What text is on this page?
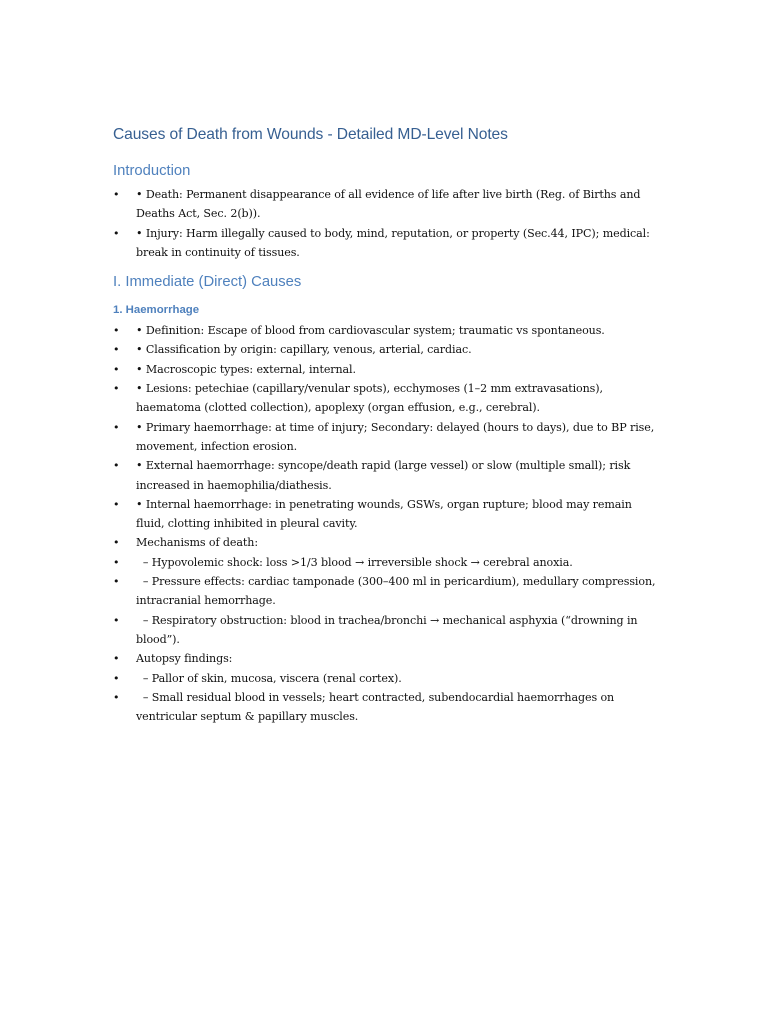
Causes of Death from Wounds - Detailed MD-Level Notes
Introduction
• • Death: Permanent disappearance of all evidence of life after live birth (Reg. of Births and Deaths Act, Sec. 2(b)).
• • Injury: Harm illegally caused to body, mind, reputation, or property (Sec.44, IPC); medical: break in continuity of tissues.
I. Immediate (Direct) Causes
1. Haemorrhage
• • Definition: Escape of blood from cardiovascular system; traumatic vs spontaneous.
• • Classification by origin: capillary, venous, arterial, cardiac.
• • Macroscopic types: external, internal.
• • Lesions: petechiae (capillary/venular spots), ecchymoses (1–2 mm extravasations), haematoma (clotted collection), apoplexy (organ effusion, e.g., cerebral).
• • Primary haemorrhage: at time of injury; Secondary: delayed (hours to days), due to BP rise, movement, infection erosion.
• • External haemorrhage: syncope/death rapid (large vessel) or slow (multiple small); risk increased in haemophilia/diathesis.
• • Internal haemorrhage: in penetrating wounds, GSWs, organ rupture; blood may remain fluid, clotting inhibited in pleural cavity.
• Mechanisms of death:
• – Hypovolemic shock: loss >1/3 blood → irreversible shock → cerebral anoxia.
• – Pressure effects: cardiac tamponade (300–400 ml in pericardium), medullary compression, intracranial hemorrhage.
• – Respiratory obstruction: blood in trachea/bronchi → mechanical asphyxia (“drowning in blood”).
• Autopsy findings:
• – Pallor of skin, mucosa, viscera (renal cortex).
• – Small residual blood in vessels; heart contracted, subendocardial haemorrhages on ventricular septum & papillary muscles.
